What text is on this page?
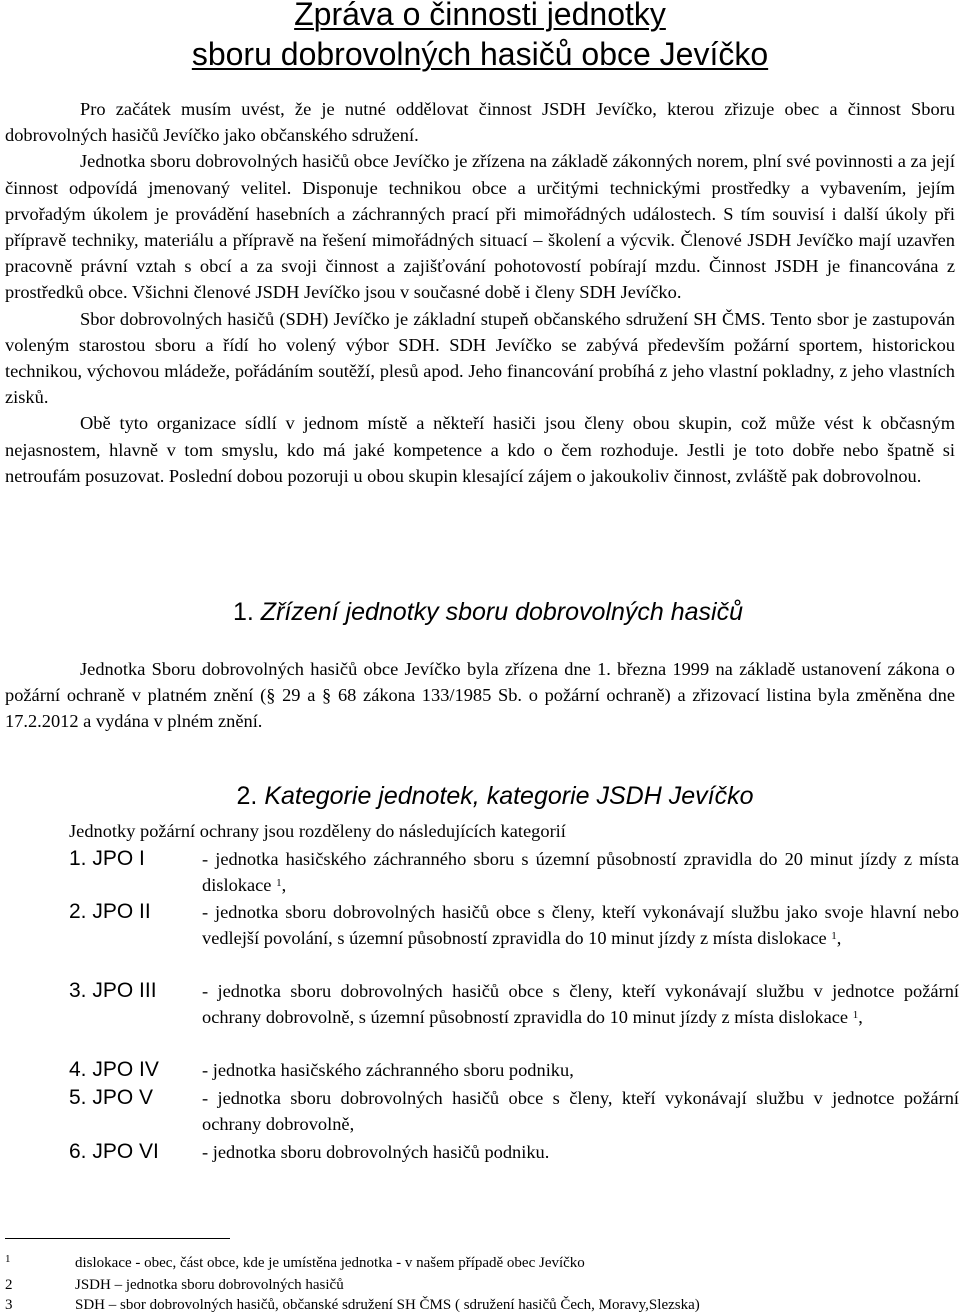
Zpráva o činnosti jednotky
sboru dobrovolných hasičů obce Jevíčko

Pro začátek musím uvést, že je nutné oddělovat činnost JSDH Jevíčko, kterou zřizuje obec a činnost Sboru dobrovolných hasičů Jevíčko jako občanského sdružení.

Jednotka sboru dobrovolných hasičů obce Jevíčko je zřízena na základě zákonných norem, plní své povinnosti a za její činnost odpovídá jmenovaný velitel. Disponuje technikou obce a určitými technickými prostředky a vybavením, jejím prvořadým úkolem je provádění hasebních a záchranných prací při mimořádných událostech. S tím souvisí i další úkoly při přípravě techniky, materiálu a přípravě na řešení mimořádných situací – školení a výcvik. Členové JSDH Jevíčko mají uzavřen pracovně právní vztah s obcí a za svoji činnost a zajišťování pohotovostí pobírají mzdu. Činnost JSDH je financována z prostředků obce. Všichni členové JSDH Jevíčko jsou v současné době i členy SDH Jevíčko.

Sbor dobrovolných hasičů (SDH) Jevíčko je základní stupeň občanského sdružení SH ČMS. Tento sbor je zastupován voleným starostou sboru a řídí ho volený výbor SDH. SDH Jevíčko se zabývá především požární sportem, historickou technikou, výchovou mládeže, pořádáním soutěží, plesů apod. Jeho financování probíhá z jeho vlastní pokladny, z jeho vlastních zisků.

Obě tyto organizace sídlí v jednom místě a někteří hasiči jsou členy obou skupin, což může vést k občasným nejasnostem, hlavně v tom smyslu, kdo má jaké kompetence a kdo o čem rozhoduje. Jestli je toto dobře nebo špatně si netroufám posuzovat. Poslední dobou pozoruji u obou skupin klesající zájem o jakoukoliv činnost, zvláště pak dobrovolnou.

1. Zřízení jednotky sboru dobrovolných hasičů

Jednotka Sboru dobrovolných hasičů obce Jevíčko byla zřízena dne 1. března 1999 na základě ustanovení zákona o požární ochraně v platném znění (§ 29 a § 68 zákona 133/1985 Sb. o požární ochraně) a zřizovací listina byla změněna dne 17.2.2012 a vydána v plném znění.

2. Kategorie jednotek, kategorie JSDH Jevíčko
Jednotky požární ochrany jsou rozděleny do následujících kategorií
1. JPO I	- jednotka hasičského záchranného sboru s územní působností zpravidla do 20 minut jízdy z místa dislokace $^1$,
2. JPO II	- jednotka sboru dobrovolných hasičů obce s členy, kteří vykonávají službu jako svoje hlavní nebo vedlejší povolání, s územní působností zpravidla do 10 minut jízdy z místa dislokace $^1$,
3. JPO III - jednotka sboru dobrovolných hasičů obce s členy, kteří vykonávají službu v jednotce požární ochrany dobrovolně, s územní působností zpravidla do 10 minut jízdy z místa dislokace $^1$,
4. JPO IV - jednotka hasičského záchranného sboru podniku,
5. JPO V	- jednotka sboru dobrovolných hasičů obce s členy, kteří vykonávají službu v jednotce požární ochrany dobrovolně,
6. JPO VI - jednotka sboru dobrovolných hasičů podniku.
1	dislokace - obec, část obce, kde je umístěna jednotka - v našem případě obec Jevíčko
2	JSDH – jednotka sboru dobrovolných hasičů
3	SDH – sbor dobrovolných hasičů, občanské sdružení SH ČMS ( sdružení hasičů Čech, Moravy,Slezska)
